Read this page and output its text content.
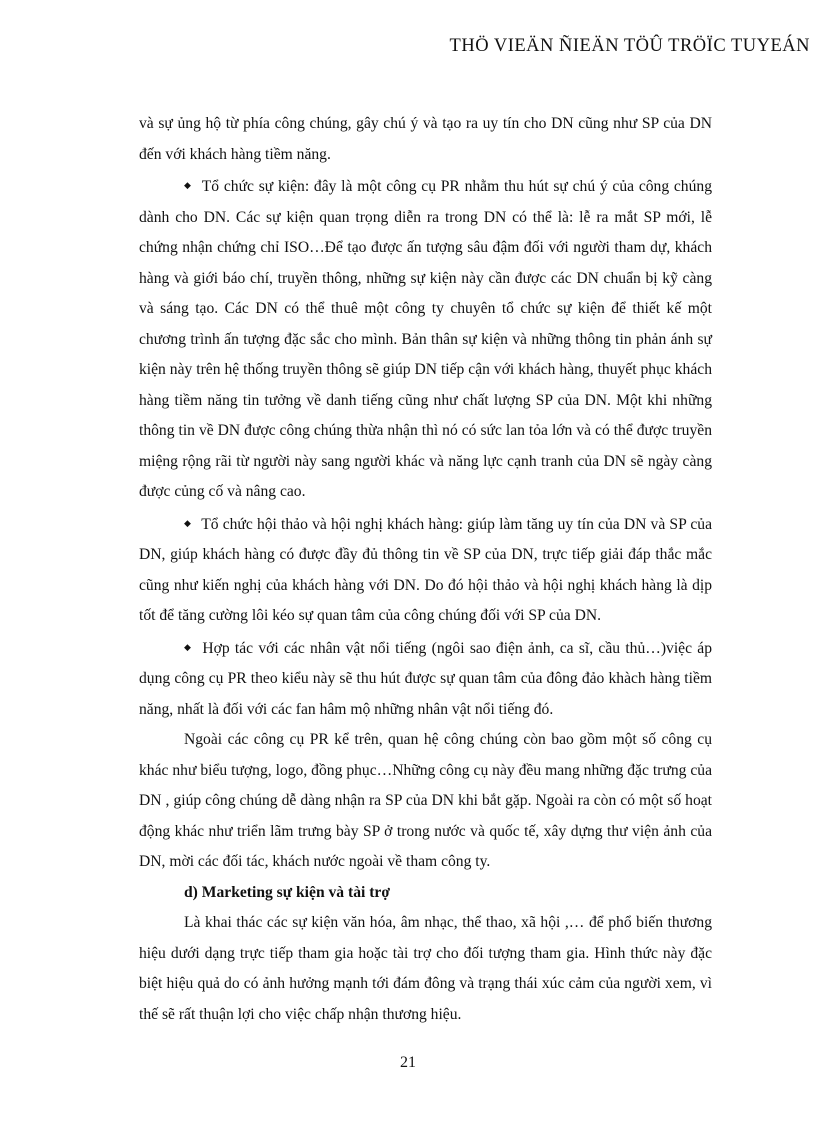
THÖ VIEÄN ÑIEÄN TÖÛ TRÖÏC TUYEÁN

và sự ủng hộ từ phía công chúng, gây chú ý và tạo ra uy tín cho DN cũng như SP của DN đến với khách hàng tiềm năng.

◆ Tổ chức sự kiện: đây là một công cụ PR nhằm thu hút sự chú ý của công chúng dành cho DN. Các sự kiện quan trọng diễn ra trong DN có thể là: lễ ra mắt SP mới, lễ chứng nhận chứng chỉ ISO…Để tạo được ấn tượng sâu đậm đối với người tham dự, khách hàng và giới báo chí, truyền thông, những sự kiện này cần được các DN chuẩn bị kỹ càng và sáng tạo. Các DN có thể thuê một công ty chuyên tổ chức sự kiện để thiết kế một chương trình ấn tượng đặc sắc cho mình. Bản thân sự kiện và những thông tin phản ánh sự kiện này trên hệ thống truyền thông sẽ giúp DN tiếp cận với khách hàng, thuyết phục khách hàng tiềm năng tin tưởng về danh tiếng cũng như chất lượng SP của DN. Một khi những thông tin về DN được công chúng thừa nhận thì nó có sức lan tỏa lớn và có thể được truyền miệng rộng rãi từ người này sang người khác và năng lực cạnh tranh của DN sẽ ngày càng được củng cố và nâng cao.

◆ Tổ chức hội thảo và hội nghị khách hàng: giúp làm tăng uy tín của DN và SP của DN, giúp khách hàng có được đầy đủ thông tin về SP của DN, trực tiếp giải đáp thắc mắc cũng như kiến nghị của khách hàng với DN. Do đó hội thảo và hội nghị khách hàng là dịp tốt để tăng cường lôi kéo sự quan tâm của công chúng đối với SP của DN.

◆ Hợp tác với các nhân vật nổi tiếng (ngôi sao điện ảnh, ca sĩ, cầu thủ…)việc áp dụng công cụ PR theo kiểu này sẽ thu hút được sự quan tâm của đông đảo khàch hàng tiềm năng, nhất là đối với các fan hâm mộ những nhân vật nổi tiếng đó.

Ngoài các công cụ PR kể trên, quan hệ công chúng còn bao gồm một số công cụ khác như biểu tượng, logo, đồng phục…Những công cụ này đều mang những đặc trưng của DN , giúp công chúng dễ dàng nhận ra SP của DN khi bắt gặp. Ngoài ra còn có một số hoạt động khác như triển lãm trưng bày SP ở trong nước và quốc tế, xây dựng thư viện ảnh của DN, mời các đối tác, khách nước ngoài về tham công ty.

d) Marketing sự kiện và tài trợ

Là khai thác các sự kiện văn hóa, âm nhạc, thể thao, xã hội ,… để phổ biến thương hiệu dưới dạng trực tiếp tham gia hoặc tài trợ cho đối tượng tham gia. Hình thức này đặc biệt hiệu quả do có ảnh hưởng mạnh tới đám đông và trạng thái xúc cảm của người xem, vì thế sẽ rất thuận lợi cho việc chấp nhận thương hiệu.

21
